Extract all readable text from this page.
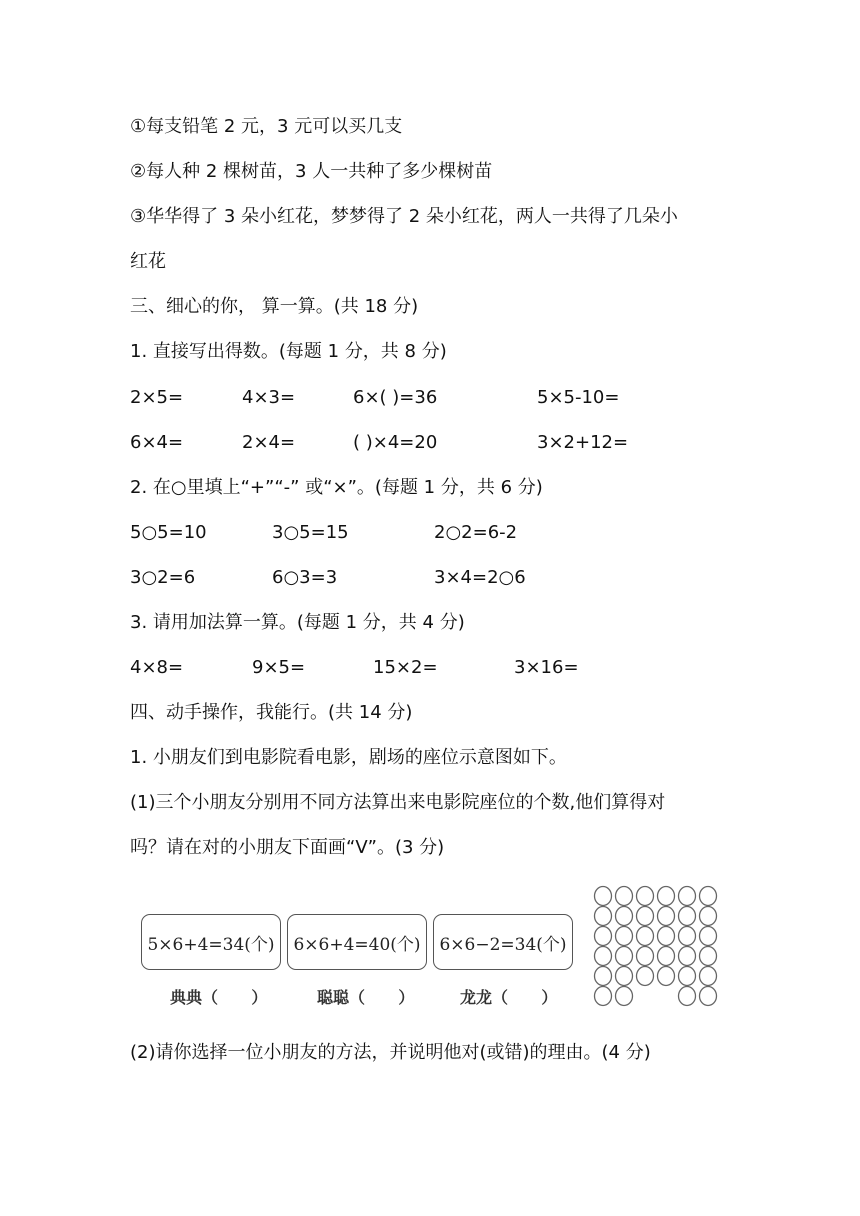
①每支铅笔 2 元，3 元可以买几支
②每人种 2 棵树苗，3 人一共种了多少棵树苗
③华华得了 3 朵小红花，梦梦得了 2 朵小红花，两人一共得了几朵小
红花
三、细心的你， 算一算。(共 18 分)
1. 直接写出得数。(每题 1 分，共 8 分)
2×5=	4×3=	6×( )=36	5×5-10=
6×4=	2×4=	( )×4=20	3×2+12=
2. 在○里填上“+”“-” 或“×”。(每题 1 分，共 6 分)
5○5=10	3○5=15	2○2=6-2
3○2=6	6○3=3	3×4=2○6
3. 请用加法算一算。(每题 1 分，共 4 分)
4×8=	9×5=	15×2=	3×16=
四、动手操作，我能行。(共 14 分)
1. 小朋友们到电影院看电影，剧场的座位示意图如下。
(1)三个小朋友分别用不同方法算出来电影院座位的个数,他们算得对
吗？请在对的小朋友下面画“V”。(3 分)
5×6+4=34(个) 6×6+4=40(个) 6×6−2=34(个)
典典（      ）	聪聪（      ）	龙龙（      ）
(2)请你选择一位小朋友的方法，并说明他对(或错)的理由。(4 分)
